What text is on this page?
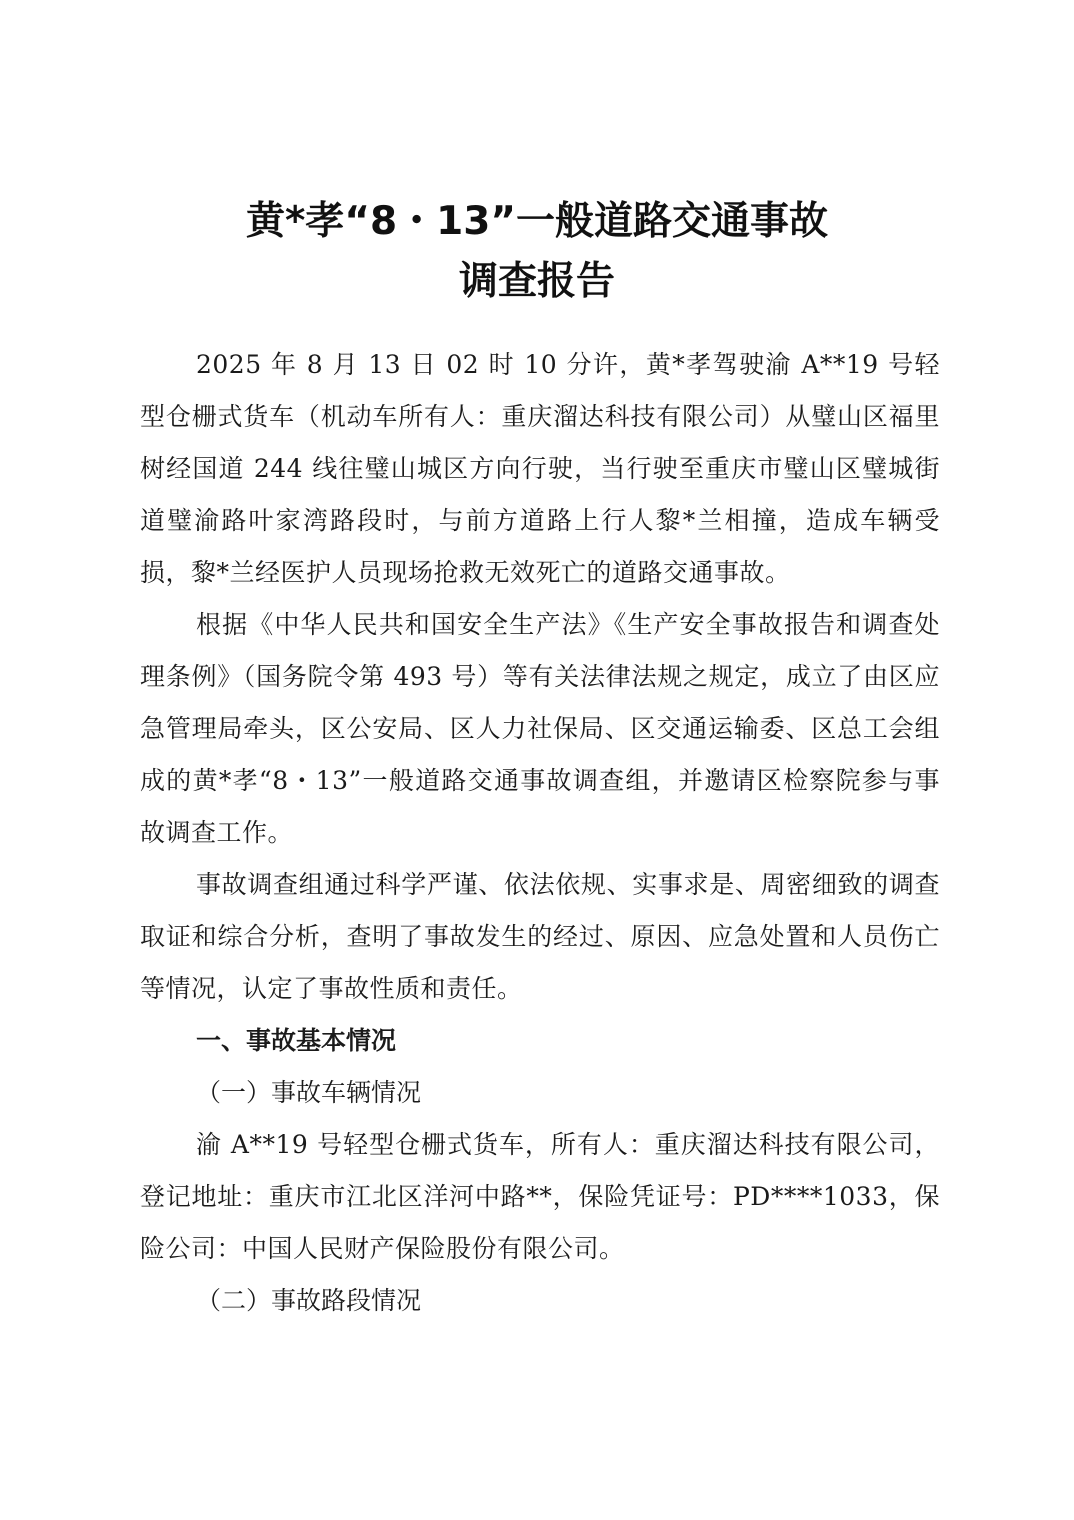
黄*孝“8・13”一般道路交通事故
调查报告

2025 年 8 月 13 日 02 时 10 分许，黄*孝驾驶渝 A**19 号轻型仓栅式货车（机动车所有人：重庆溜达科技有限公司）从璧山区福里树经国道 244 线往璧山城区方向行驶，当行驶至重庆市璧山区璧城街道璧渝路叶家湾路段时，与前方道路上行人黎*兰相撞，造成车辆受损，黎*兰经医护人员现场抢救无效死亡的道路交通事故。

根据《中华人民共和国安全生产法》《生产安全事故报告和调查处理条例》（国务院令第 493 号）等有关法律法规之规定，成立了由区应急管理局牵头，区公安局、区人力社保局、区交通运输委、区总工会组成的黄*孝“8・13”一般道路交通事故调查组，并邀请区检察院参与事故调查工作。

事故调查组通过科学严谨、依法依规、实事求是、周密细致的调查取证和综合分析，查明了事故发生的经过、原因、应急处置和人员伤亡等情况，认定了事故性质和责任。

一、事故基本情况

（一）事故车辆情况

渝 A**19 号轻型仓栅式货车，所有人：重庆溜达科技有限公司，登记地址：重庆市江北区洋河中路**，保险凭证号：PD****1033，保险公司：中国人民财产保险股份有限公司。

（二）事故路段情况
